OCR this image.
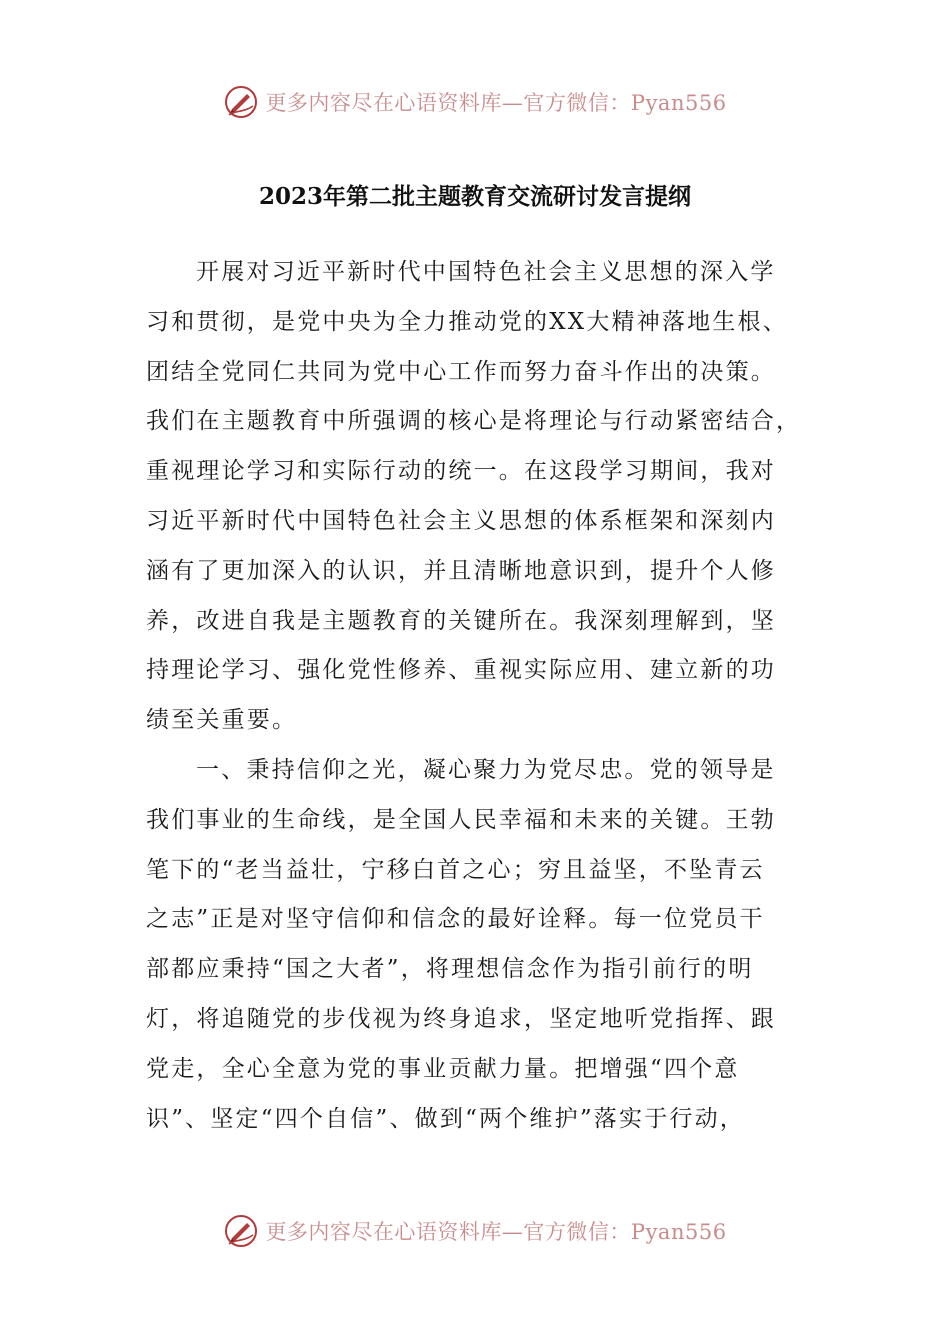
更多内容尽在心语资料库—官方微信：Pyan556
2023年第二批主题教育交流研讨发言提纲
开展对习近平新时代中国特色社会主义思想的深入学
习和贯彻，是党中央为全力推动党的XX大精神落地生根、
团结全党同仁共同为党中心工作而努力奋斗作出的决策。
我们在主题教育中所强调的核心是将理论与行动紧密结合，
重视理论学习和实际行动的统一。在这段学习期间，我对
习近平新时代中国特色社会主义思想的体系框架和深刻内
涵有了更加深入的认识，并且清晰地意识到，提升个人修
养，改进自我是主题教育的关键所在。我深刻理解到，坚
持理论学习、强化党性修养、重视实际应用、建立新的功
绩至关重要。
一、秉持信仰之光，凝心聚力为党尽忠。党的领导是
我们事业的生命线，是全国人民幸福和未来的关键。王勃
笔下的“老当益壮，宁移白首之心；穷且益坚，不坠青云
之志”正是对坚守信仰和信念的最好诠释。每一位党员干
部都应秉持“国之大者”，将理想信念作为指引前行的明
灯，将追随党的步伐视为终身追求，坚定地听党指挥、跟
党走，全心全意为党的事业贡献力量。把增强“四个意
识”、坚定“四个自信”、做到“两个维护”落实于行动，
更多内容尽在心语资料库—官方微信：Pyan556
